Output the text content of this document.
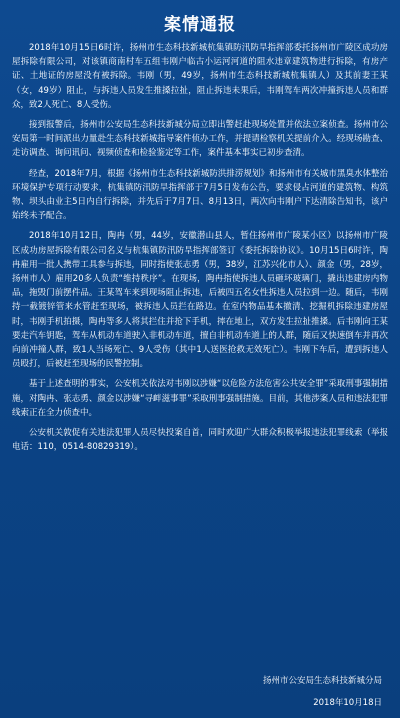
案情通报
2018年10月15日6时许，扬州市生态科技新城杭集镇防汛防旱指挥部委托扬州市广陵区成功房屋拆除有限公司，对该镇商南村车五组韦刚户临古小运河河道的阻水违章建筑物进行拆除，有房产证、土地证的房屋没有被拆除。韦刚（男，49岁，扬州市生态科技新城杭集镇人）及其前妻王某（女，49岁）阻止，与拆违人员发生推搡拉扯，阻止拆违未果后，韦刚驾车两次冲撞拆违人员和群众，致2人死亡、8人受伤。
接到报警后，扬州市公安局生态科技新城分局立即出警赶赴现场处置并依法立案侦查。扬州市公安局第一时间派出力量赴生态科技新城指导案件侦办工作，并提请检察机关提前介入。经现场勘查、走访调查、询问讯问、视频侦查和检验鉴定等工作，案件基本事实已初步查清。
经查，2018年7月，根据《扬州市生态科技新城防洪排涝规划》和扬州市有关城市黑臭水体整治环境保护专项行动要求，杭集镇防汛防旱指挥部于7月5日发布公告，要求侵占河道的建筑物、构筑物、坝头由业主5日内自行拆除，并先后于7月7日、8月13日，两次向韦刚户下达清除告知书，该户始终未予配合。
2018年10月12日，陶冉（男，44岁，安徽潜山县人，暂住扬州市广陵某小区）以扬州市广陵区成功房屋拆除有限公司名义与杭集镇防汛防旱指挥部签订《委托拆除协议》。10月15日6时许，陶冉雇用一批人携带工具参与拆违，同时指使张志勇（男，38岁，江苏兴化市人）、颜金（男，28岁，扬州市人）雇用20多人负责“维持秩序”。在现场，陶冉指使拆违人员砸坏玻璃门，撬出违建房内物品，拖毁门前摆件品。王某驾车来到现场阻止拆违，后被四五名女性拆违人员拉到一边。随后，韦刚持一截镀锌管来水管赶至现场，被拆违人员拦在路边。在室内物品基本撤清、挖掘机拆除违建房屋时，韦刚手机拍摄，陶冉等多人将其拦住并抢下手机，摔在地上，双方发生拉扯推搡。后韦刚向王某要走汽车钥匙，驾车从机动车道驶入非机动车道，擅自非机动车道上的人群，随后又快速倒车并再次向前冲撞人群，致1人当场死亡、9人受伤（其中1人送医抢救无效死亡）。韦刚下车后，遭到拆违人员殴打，后被赶至现场的民警控制。
基于上述查明的事实，公安机关依法对韦刚以涉嫌“以危险方法危害公共安全罪”采取刑事强制措施，对陶冉、张志勇、颜金以涉嫌“寻衅滋事罪”采取刑事强制措施。目前，其他涉案人员和违法犯罪线索正在全力侦查中。
公安机关敦促有关违法犯罪人员尽快投案自首，同时欢迎广大群众积极举报违法犯罪线索（举报电话：110，0514-80829319）。
扬州市公安局生态科技新城分局
2018年10月18日
